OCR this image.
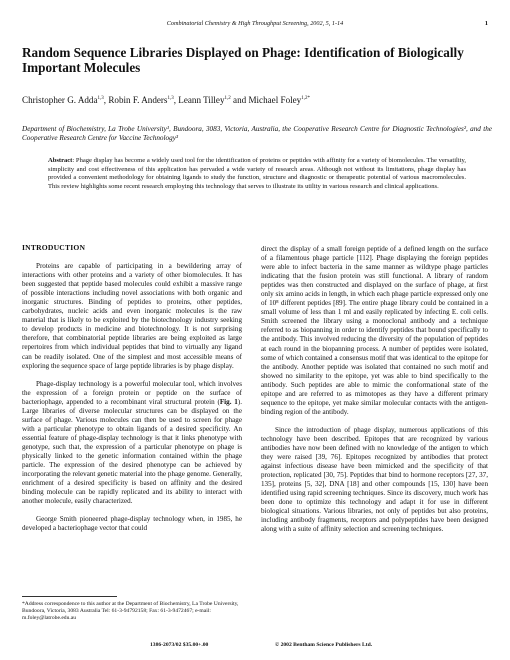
Combinatorial Chemistry & High Throughput Screening, 2002, 5, 1-14	1
Random Sequence Libraries Displayed on Phage: Identification of Biologically Important Molecules
Christopher G. Adda$^{1,3}$, Robin F. Anders$^{1,3}$, Leann Tilley$^{1,2}$ and Michael Foley$^{1,2*}$
Department of Biochemistry, La Trobe University¹, Bundoora, 3083, Victoria, Australia, the Cooperative Research Centre for Diagnostic Technologies², and the Cooperative Research Centre for Vaccine Technology³
Abstract: Phage display has become a widely used tool for the identification of proteins or peptides with affinity for a variety of biomolecules. The versatility, simplicity and cost effectiveness of this application has pervaded a wide variety of research areas. Although not without its limitations, phage display has provided a convenient methodology for obtaining ligands to study the function, structure and diagnostic or therapeutic potential of various macromolecules. This review highlights some recent research employing this technology that serves to illustrate its utility in various research and clinical applications.
INTRODUCTION

Proteins are capable of participating in a bewildering array of interactions with other proteins and a variety of other biomolecules. It has been suggested that peptide based molecules could exhibit a massive range of possible interactions including novel associations with both organic and inorganic structures. Binding of peptides to proteins, other peptides, carbohydrates, nucleic acids and even inorganic molecules is the raw material that is likely to be exploited by the biotechnology industry seeking to develop products in medicine and biotechnology. It is not surprising therefore, that combinatorial peptide libraries are being exploited as large repertoires from which individual peptides that bind to virtually any ligand can be readily isolated. One of the simplest and most accessible means of exploring the sequence space of large peptide libraries is by phage display.

Phage-display technology is a powerful molecular tool, which involves the expression of a foreign protein or peptide on the surface of bacteriophage, appended to a recombinant viral structural protein (Fig. 1). Large libraries of diverse molecular structures can be displayed on the surface of phage. Various molecules can then be used to screen for phage with a particular phenotype to obtain ligands of a desired specificity. An essential feature of phage-display technology is that it links phenotype with genotype, such that, the expression of a particular phenotype on phage is physically linked to the genetic information contained within the phage particle. The expression of the desired phenotype can be achieved by incorporating the relevant genetic material into the phage genome. Generally, enrichment of a desired specificity is based on affinity and the desired binding molecule can be rapidly replicated and its ability to interact with another molecule, easily characterized.

George Smith pioneered phage-display technology when, in 1985, he developed a bacteriophage vector that could

direct the display of a small foreign peptide of a defined length on the surface of a filamentous phage particle [112]. Phage displaying the foreign peptides were able to infect bacteria in the same manner as wildtype phage particles indicating that the fusion protein was still functional. A library of random peptides was then constructed and displayed on the surface of phage, at first only six amino acids in length, in which each phage particle expressed only one of 10⁸ different peptides [89]. The entire phage library could be contained in a small volume of less than 1 ml and easily replicated by infecting E. coli cells. Smith screened the library using a monoclonal antibody and a technique referred to as biopanning in order to identify peptides that bound specifically to the antibody. This involved reducing the diversity of the population of peptides at each round in the biopanning process. A number of peptides were isolated, some of which contained a consensus motif that was identical to the epitope for the antibody. Another peptide was isolated that contained no such motif and showed no similarity to the epitope, yet was able to bind specifically to the antibody. Such peptides are able to mimic the conformational state of the epitope and are referred to as mimotopes as they have a different primary sequence to the epitope, yet make similar molecular contacts with the antigen-binding region of the antibody.

Since the introduction of phage display, numerous applications of this technology have been described. Epitopes that are recognized by various antibodies have now been defined with no knowledge of the antigen to which they were raised [39, 76]. Epitopes recognized by antibodies that protect against infectious disease have been mimicked and the specificity of that protection, replicated [30, 75]. Peptides that bind to hormone receptors [27, 37, 135], proteins [5, 32], DNA [18] and other compounds [15, 130] have been identified using rapid screening techniques. Since its discovery, much work has been done to optimize this technology and adapt it for use in different biological situations. Various libraries, not only of peptides but also proteins, including antibody fragments, receptors and polypeptides have been designed along with a suite of affinity selection and screening techniques.

*Address correspondence to this author at the Department of Biochemistry, La Trobe University, Bundoora, Victoria, 3083 Australia Tel: 61-3-94792158; Fax: 61-3-9472467; e-mail: m.foley@latrobe.edu.au
1386-2073/02 $35.00+.00	© 2002 Bentham Science Publishers Ltd.
